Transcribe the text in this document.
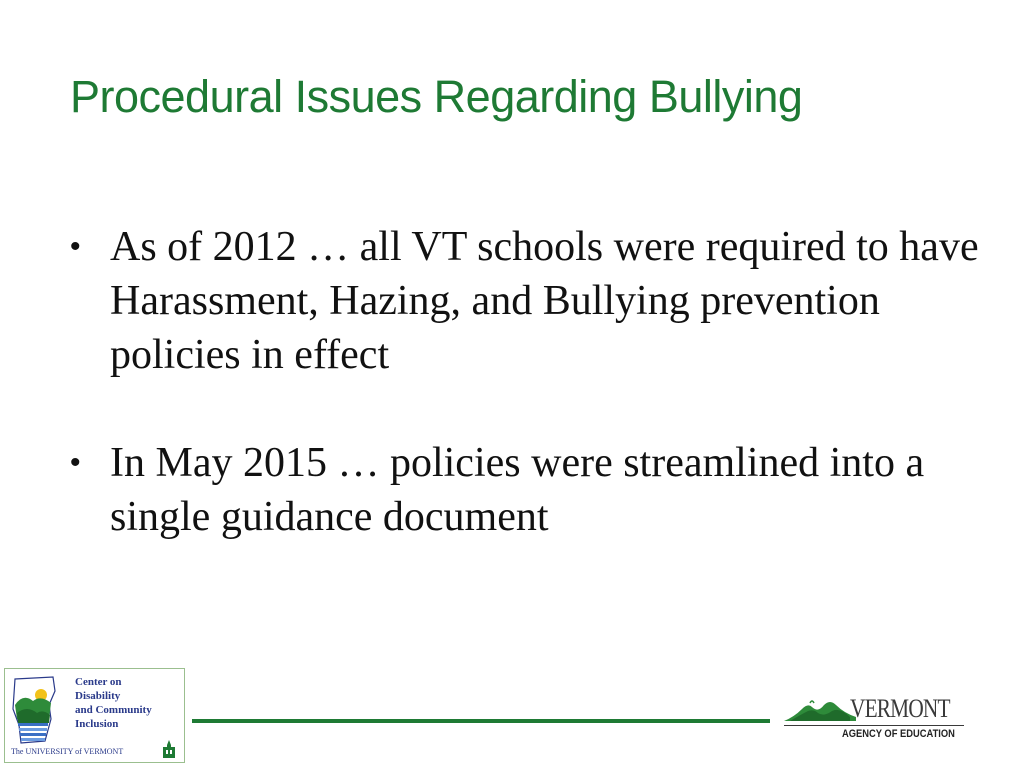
Procedural Issues Regarding Bullying
• As of 2012 … all VT schools were required to have Harassment, Hazing, and Bullying prevention policies in effect
• In May 2015 … policies were streamlined into a single guidance document
Center on
Disability
and Community
Inclusion
The UNIVERSITY of VERMONT
VERMONT
AGENCY OF EDUCATION
